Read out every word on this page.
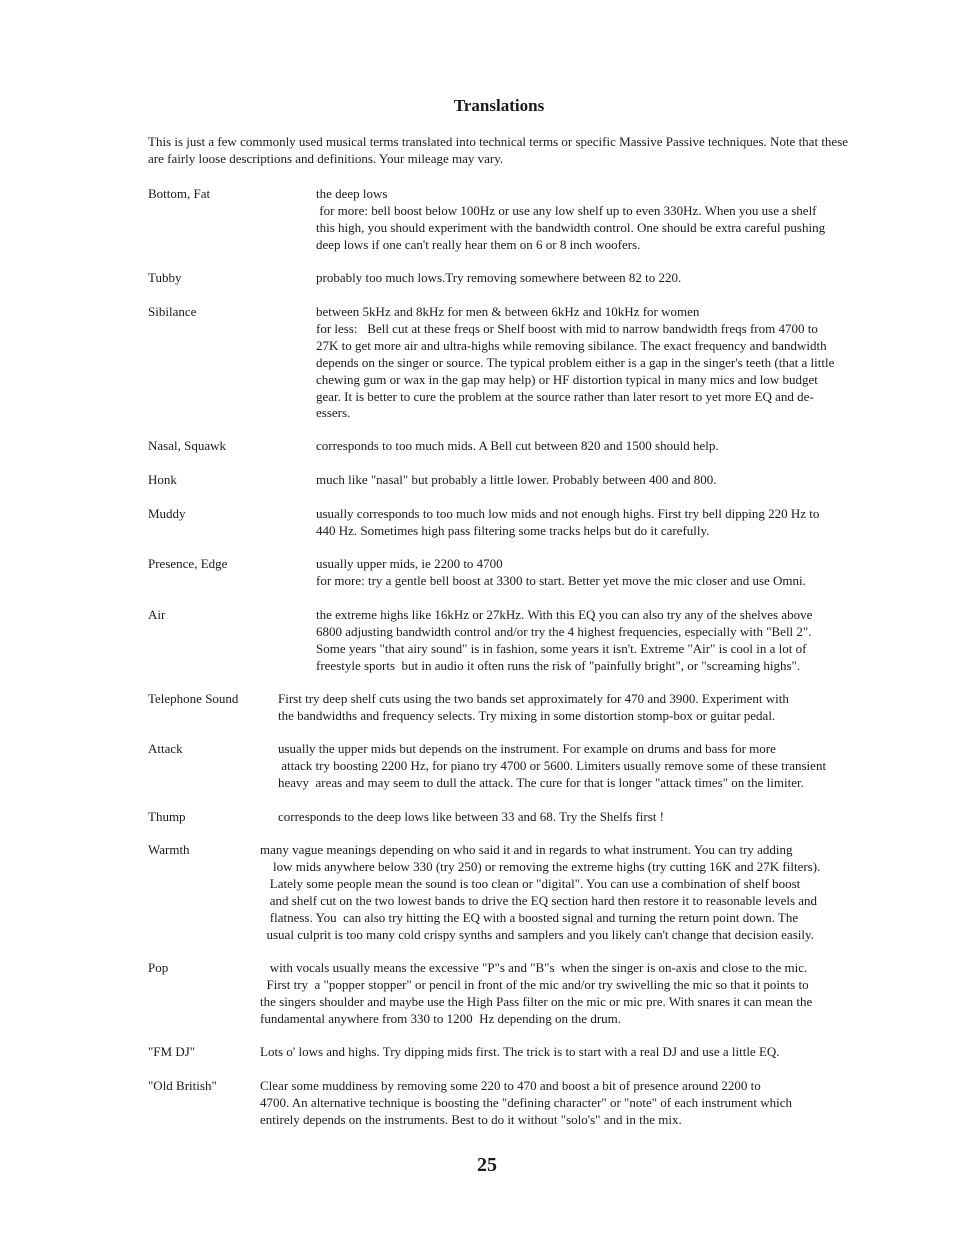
Translations
This is just a few commonly used musical terms translated into technical terms or specific Massive Passive techniques. Note that these are fairly loose descriptions and definitions. Your mileage may vary.
Bottom, Fat	the deep lows
for more: bell boost below 100Hz or use any low shelf up to even 330Hz. When you use a shelf
this high, you should experiment with the bandwidth control. One should be extra careful pushing
deep lows if one can't really hear them on 6 or 8 inch woofers.
Tubby	probably too much lows.Try removing somewhere between 82 to 220.
Sibilance	between 5kHz and 8kHz for men & between 6kHz and 10kHz for women
for less:   Bell cut at these freqs or Shelf boost with mid to narrow bandwidth freqs from 4700 to
27K to get more air and ultra-highs while removing sibilance. The exact frequency and bandwidth
depends on the singer or source. The typical problem either is a gap in the singer's teeth (that a little
chewing gum or wax in the gap may help) or HF distortion typical in many mics and low budget
gear. It is better to cure the problem at the source rather than later resort to yet more EQ and de-
essers.
Nasal, Squawk	corresponds to too much mids. A Bell cut between 820 and 1500 should help.
Honk	much like "nasal" but probably a little lower. Probably between 400 and 800.
Muddy	usually corresponds to too much low mids and not enough highs. First try bell dipping 220 Hz to
440 Hz. Sometimes high pass filtering some tracks helps but do it carefully.
Presence, Edge	usually upper mids, ie 2200 to 4700
for more: try a gentle bell boost at 3300 to start. Better yet move the mic closer and use Omni.
Air	the extreme highs like 16kHz or 27kHz. With this EQ you can also try any of the shelves above
6800 adjusting bandwidth control and/or try the 4 highest frequencies, especially with "Bell 2".
Some years "that airy sound" is in fashion, some years it isn't. Extreme "Air" is cool in a lot of
freestyle sports  but in audio it often runs the risk of "painfully bright", or "screaming highs".
Telephone Sound	First try deep shelf cuts using the two bands set approximately for 470 and 3900. Experiment with
the bandwidths and frequency selects. Try mixing in some distortion stomp-box or guitar pedal.
Attack	usually the upper mids but depends on the instrument. For example on drums and bass for more
attack try boosting 2200 Hz, for piano try 4700 or 5600. Limiters usually remove some of these transient
heavy  areas and may seem to dull the attack. The cure for that is longer "attack times" on the limiter.
Thump	corresponds to the deep lows like between 33 and 68. Try the Shelfs first !
Warmth	many vague meanings depending on who said it and in regards to what instrument. You can try adding
low mids anywhere below 330 (try 250) or removing the extreme highs (try cutting 16K and 27K filters).
Lately some people mean the sound is too clean or "digital". You can use a combination of shelf boost
and shelf cut on the two lowest bands to drive the EQ section hard then restore it to reasonable levels and
flatness. You  can also try hitting the EQ with a boosted signal and turning the return point down. The
usual culprit is too many cold crispy synths and samplers and you likely can't change that decision easily.
Pop	with vocals usually means the excessive "P"s and "B"s  when the singer is on-axis and close to the mic.
First try  a "popper stopper" or pencil in front of the mic and/or try swivelling the mic so that it points to
the singers shoulder and maybe use the High Pass filter on the mic or mic pre. With snares it can mean the
fundamental anywhere from 330 to 1200  Hz depending on the drum.
"FM DJ"	Lots o' lows and highs. Try dipping mids first. The trick is to start with a real DJ and use a little EQ.
"Old British"	Clear some muddiness by removing some 220 to 470 and boost a bit of presence around 2200 to
4700. An alternative technique is boosting the "defining character" or "note" of each instrument which
entirely depends on the instruments. Best to do it without "solo's" and in the mix.
25
